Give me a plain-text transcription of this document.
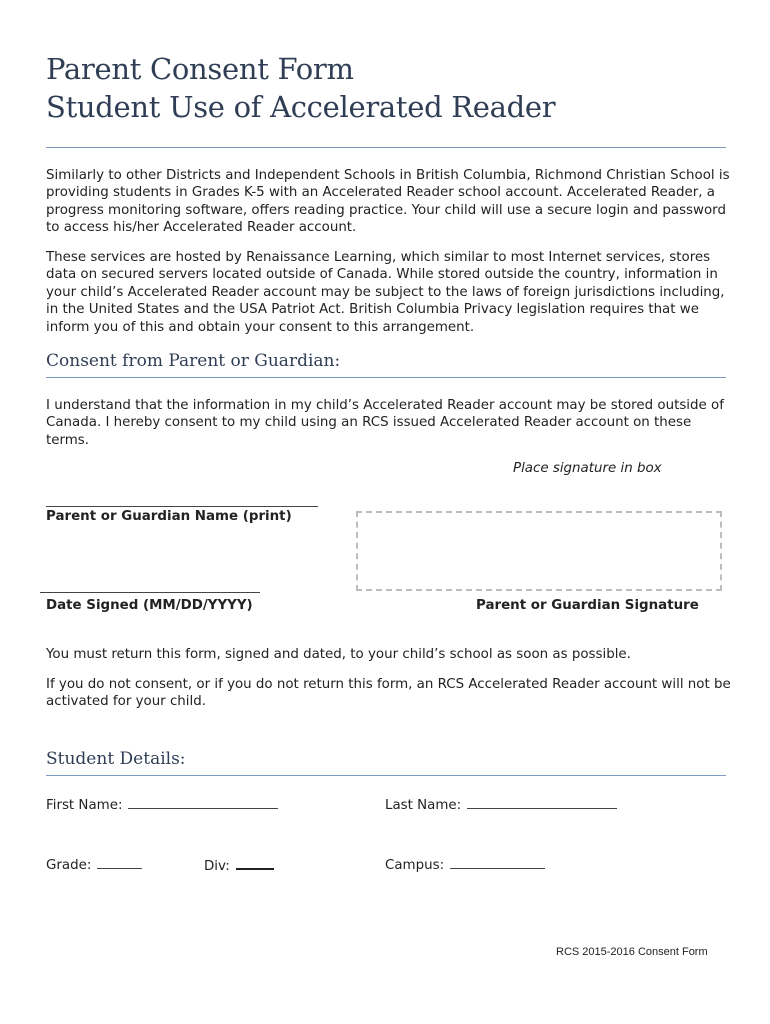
Parent Consent Form
Student Use of Accelerated Reader

Similarly to other Districts and Independent Schools in British Columbia, Richmond Christian School is providing students in Grades K-5 with an Accelerated Reader school account. Accelerated Reader, a progress monitoring software, offers reading practice. Your child will use a secure login and password to access his/her Accelerated Reader account.

These services are hosted by Renaissance Learning, which similar to most Internet services, stores data on secured servers located outside of Canada. While stored outside the country, information in your child’s Accelerated Reader account may be subject to the laws of foreign jurisdictions including, in the United States and the USA Patriot Act. British Columbia Privacy legislation requires that we inform you of this and obtain your consent to this arrangement.

Consent from Parent or Guardian:

I understand that the information in my child’s Accelerated Reader account may be stored outside of Canada. I hereby consent to my child using an RCS issued Accelerated Reader account on these terms.

Place signature in box
Parent or Guardian Name (print)
Date Signed (MM/DD/YYYY)	Parent or Guardian Signature

You must return this form, signed and dated, to your child’s school as soon as possible.

If you do not consent, or if you do not return this form, an RCS Accelerated Reader account will not be activated for your child.

Student Details:
First Name:	Last Name:
Grade:	Div:	Campus:
RCS 2015-2016 Consent Form
